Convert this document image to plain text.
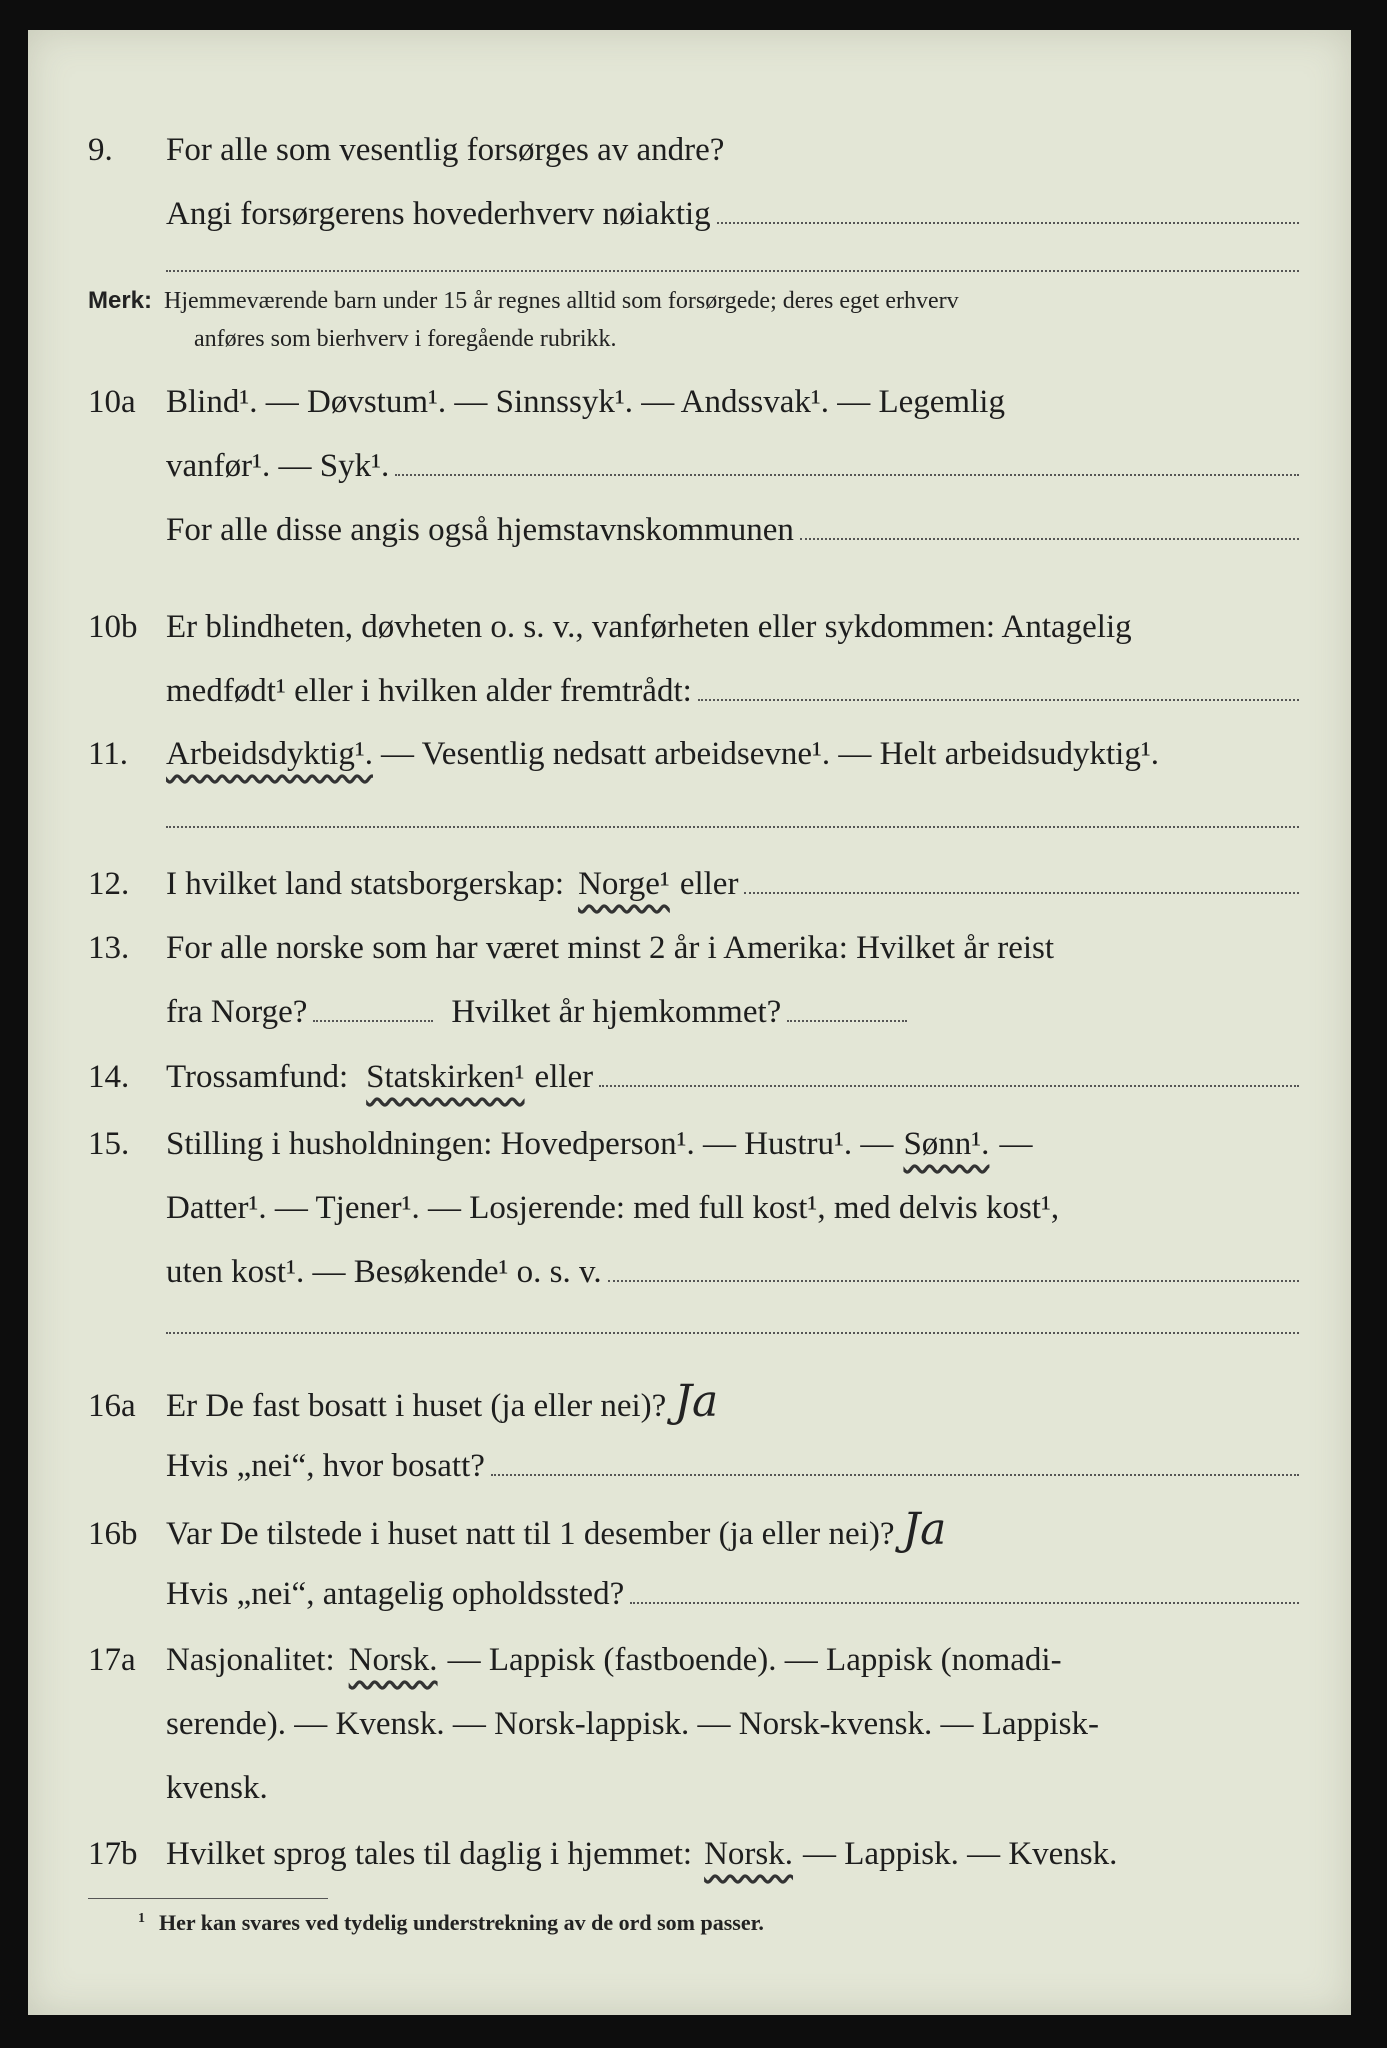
9.	For alle som vesentlig forsørges av andre?
Angi forsørgerens hovederhverv nøiaktig
Merk: Hjemmeværende barn under 15 år regnes alltid som forsørgede; deres eget erhverv
anføres som bierhverv i foregående rubrikk.
10a Blind¹. — Døvstum¹. — Sinnssyk¹. — Andssvak¹. — Legemlig
vanfør¹. — Syk¹.
For alle disse angis også hjemstavnskommunen
10b Er blindheten, døvheten o. s. v., vanførheten eller sykdommen: Antagelig
medfødt¹ eller i hvilken alder fremtrådt:
11.	Arbeidsdyktig¹. — Vesentlig nedsatt arbeidsevne¹. — Helt arbeidsudyktig¹.
12.	I hvilket land statsborgerskap: Norge¹ eller
13.	For alle norske som har været minst 2 år i Amerika: Hvilket år reist
fra Norge?	Hvilket år hjemkommet?
14.	Trossamfund: Statskirken¹ eller
15.	Stilling i husholdningen: Hovedperson¹. — Hustru¹. — Sønn¹. —
Datter¹. — Tjener¹. — Losjerende: med full kost¹, med delvis kost¹,
uten kost¹. — Besøkende¹ o. s. v.
16a Er De fast bosatt i huset (ja eller nei)? Ja
Hvis „nei“, hvor bosatt?
16b Var De tilstede i huset natt til 1 desember (ja eller nei)? Ja
Hvis „nei“, antagelig opholdssted?
17a Nasjonalitet: Norsk. — Lappisk (fastboende). — Lappisk (nomadi-
serende). — Kvensk. — Norsk-lappisk. — Norsk-kvensk. — Lappisk-
kvensk.
17b Hvilket sprog tales til daglig i hjemmet: Norsk. — Lappisk. — Kvensk.
$^1$ Her kan svares ved tydelig understrekning av de ord som passer.
